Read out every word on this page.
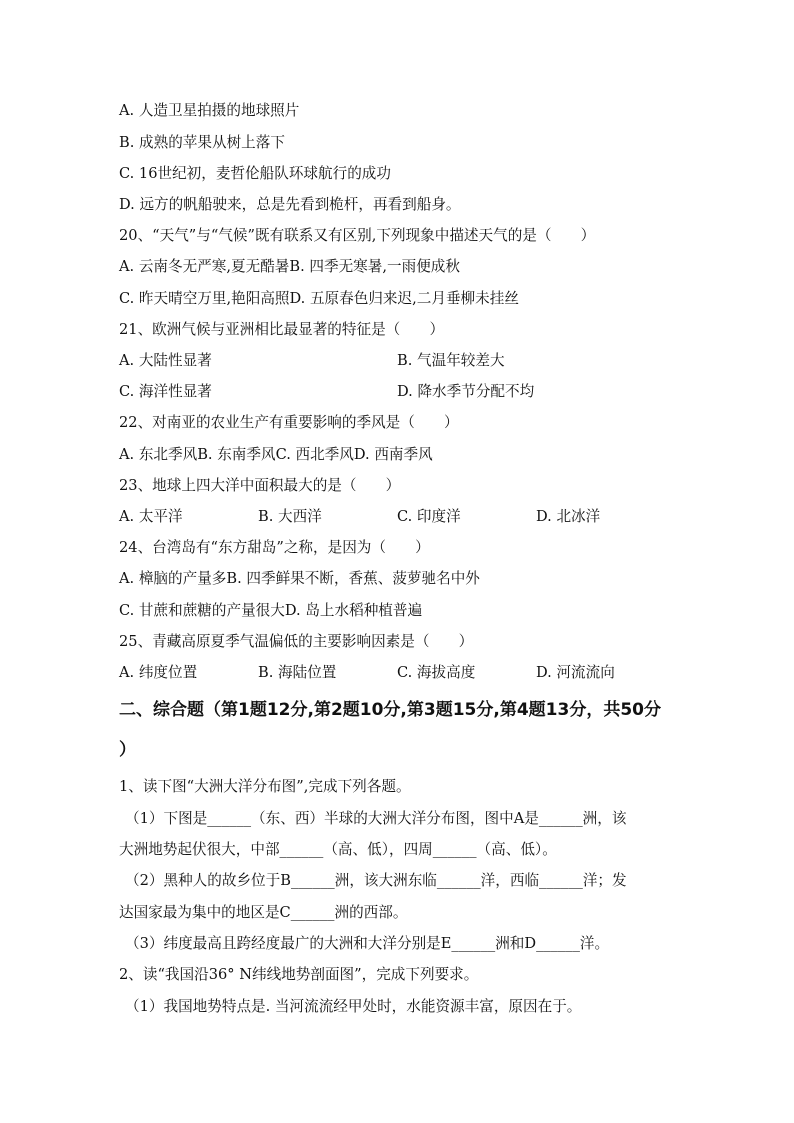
A. 人造卫星拍摄的地球照片
B. 成熟的苹果从树上落下
C. 16世纪初，麦哲伦船队环球航行的成功
D. 远方的帆船驶来，总是先看到桅杆，再看到船身。
20、“天气”与“气候”既有联系又有区别,下列现象中描述天气的是（　　）
A. 云南冬无严寒,夏无酷暑B. 四季无寒暑,一雨便成秋
C. 昨天晴空万里,艳阳高照D. 五原春色归来迟,二月垂柳未挂丝
21、欧洲气候与亚洲相比最显著的特征是（　　）
A. 大陆性显著	B. 气温年较差大
C. 海洋性显著	D. 降水季节分配不均
22、对南亚的农业生产有重要影响的季风是（　　）
A. 东北季风B. 东南季风C. 西北季风D. 西南季风
23、地球上四大洋中面积最大的是（　　）
A. 太平洋	B. 大西洋	C. 印度洋	D. 北冰洋
24、台湾岛有“东方甜岛”之称，是因为（　　）
A. 樟脑的产量多B. 四季鲜果不断，香蕉、菠萝驰名中外
C. 甘蔗和蔗糖的产量很大D. 岛上水稻种植普遍
25、青藏高原夏季气温偏低的主要影响因素是（　　）
A. 纬度位置	B. 海陆位置	C. 海拔高度	D. 河流流向
二、综合题（第1题12分,第2题10分,第3题15分,第4题13分，共50分
）
1、读下图“大洲大洋分布图”,完成下列各题。
（1）下图是______（东、西）半球的大洲大洋分布图，图中A是______洲，该
大洲地势起伏很大，中部______（高、低），四周______（高、低）。
（2）黑种人的故乡位于B______洲，该大洲东临______洋，西临______洋；发
达国家最为集中的地区是C______洲的西部。
（3）纬度最高且跨经度最广的大洲和大洋分别是E______洲和D______洋。
2、读“我国沿36° N纬线地势剖面图”，完成下列要求。
（1）我国地势特点是. 当河流流经甲处时，水能资源丰富，原因在于。
